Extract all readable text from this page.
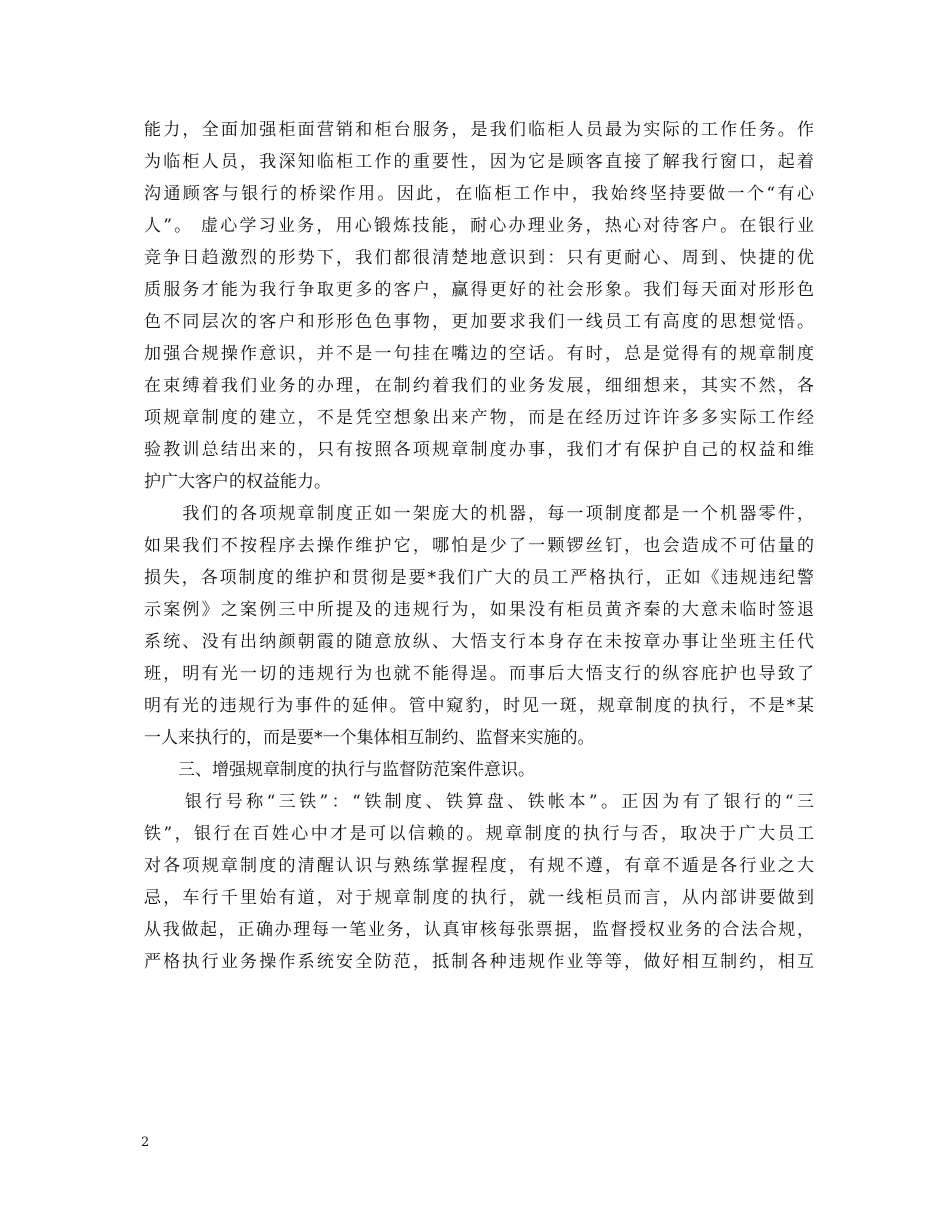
能力，全面加强柜面营销和柜台服务，是我们临柜人员最为实际的工作任务。作
为临柜人员，我深知临柜工作的重要性，因为它是顾客直接了解我行窗口，起着
沟通顾客与银行的桥梁作用。因此，在临柜工作中，我始终坚持要做一个“有心
人”。 虚心学习业务，用心锻炼技能，耐心办理业务，热心对待客户。在银行业
竞争日趋激烈的形势下，我们都很清楚地意识到：只有更耐心、周到、快捷的优
质服务才能为我行争取更多的客户，赢得更好的社会形象。我们每天面对形形色
色不同层次的客户和形形色色事物，更加要求我们一线员工有高度的思想觉悟。
加强合规操作意识，并不是一句挂在嘴边的空话。有时，总是觉得有的规章制度
在束缚着我们业务的办理，在制约着我们的业务发展，细细想来，其实不然，各
项规章制度的建立，不是凭空想象出来产物，而是在经历过许许多多实际工作经
验教训总结出来的，只有按照各项规章制度办事，我们才有保护自己的权益和维
护广大客户的权益能力。
　　我们的各项规章制度正如一架庞大的机器，每一项制度都是一个机器零件，
如果我们不按程序去操作维护它，哪怕是少了一颗锣丝钉，也会造成不可估量的
损失，各项制度的维护和贯彻是要*我们广大的员工严格执行，正如《违规违纪警
示案例》之案例三中所提及的违规行为，如果没有柜员黄齐秦的大意未临时签退
系统、没有出纳颜朝霞的随意放纵、大悟支行本身存在未按章办事让坐班主任代
班，明有光一切的违规行为也就不能得逞。而事后大悟支行的纵容庇护也导致了
明有光的违规行为事件的延伸。管中窥豹，时见一斑，规章制度的执行，不是*某
一人来执行的，而是要*一个集体相互制约、监督来实施的。
　　三、增强规章制度的执行与监督防范案件意识。
　　银行号称“三铁”：“铁制度、铁算盘、铁帐本”。正因为有了银行的“三
铁”，银行在百姓心中才是可以信赖的。规章制度的执行与否，取决于广大员工
对各项规章制度的清醒认识与熟练掌握程度，有规不遵，有章不遁是各行业之大
忌，车行千里始有道，对于规章制度的执行，就一线柜员而言，从内部讲要做到
从我做起，正确办理每一笔业务，认真审核每张票据，监督授权业务的合法合规，
严格执行业务操作系统安全防范，抵制各种违规作业等等，做好相互制约，相互
2
